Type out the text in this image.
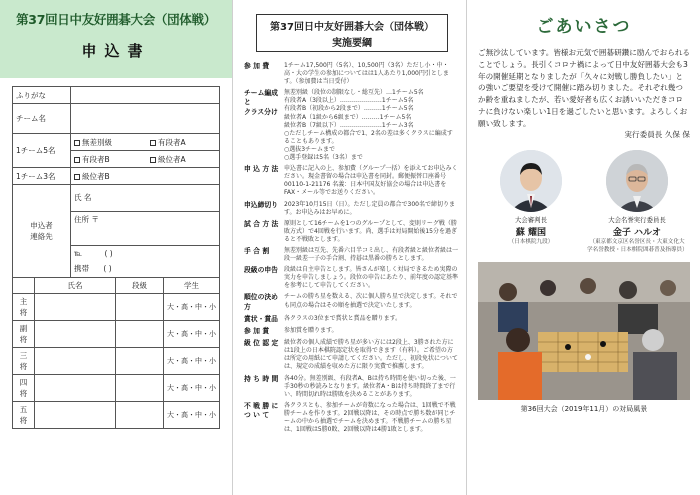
第37回日中友好囲碁大会（団体戦）
申込書
ふりがな		
チーム名		
1チーム5名	無差別級	有段者A
	有段者B	級位者A
1チーム3名	級位者B	
申込者
連絡先	氏 名
住所 〒
℡	( )
携帯 ( )
	氏名	段級	学生
主 将			大・高・中・小
副 将			大・高・中・小
三 将			大・高・中・小
四 将			大・高・中・小
五 将			大・高・中・小
第37回日中友好囲碁大会（団体戦）
実施要綱
参 加 費	1チーム17,500円（5名）、10,500円（3名）ただし小・中・高・大の学生の参加についてはは1人あたり1,000円引とします。（参加費は当日受付）
チーム編成と
クラス分け
無差別級（段位の制限なし・総互先）…1チーム5名
有段者A（3段以上）…………………1チーム5名
有段者B（初段から2段まで）………1チーム5名
級位者A（1級から6級まで）………1チーム5名
級位者B（7級以下）…………………1チーム3名
○ただしチーム構成の都合で1、2名の差は多くクラスに編成することもあります。
○選抜3チームまで
○選手登録は5名（3名）まで
申 込 方 法 申込書に記入の上、参加費（グループ一括）を添えてお申込みください。現金書留の場合は申込書を同封。郵便振替口座番号00110-1-21176 名義：日本中国友好協会の場合は申込書をFAX・メール等でお送りください。
申込締切り	2023年10月15日（日）。ただし定員の都合で300名で締切ります。お申込みはお早めに。
試 合 方 法 原則として16チームを1つのグループとして、変則リーグ戦（勝敗方式）で4回戦を行います。尚、選手は対局開始後15分を過ぎると不戦敗とします。
手 合 割	無差別級は互先、先番六目半コミ出し、有段者級と級位者級は一段一級差一子の手合割、持碁は黒番の勝ちとします。
段級の申告	段級は自主申告とします。皆さんが楽しく対局できるため実際の実力を申告しましょう。段位の申告にあたり、前年度の認定基準を参考にして申告してください。
順位の決め方
チームの勝ち星を数える、次に個人勝ち星で決定します。それでも同点の場合はその順を抽選で決定いたします。
賞状・賞品	各クラスの3位まで賞状と賞品を贈ります。
参 加 賞	参加賞を贈ります。
級 位 認 定 級位者の個人成績で勝ち星が多い方には2段上、3勝された方には1段上の日本棋院認定状を取得できます（有料）。ご希望の方は所定の用紙にて申請してください。ただし、初段免状については、規定の成績を収めた方に限り実費で推薦します。
持 ち 時 間 各40分。無差別級、有段者A、Bは持ち時間を使い切った後、一手30秒の秒読みとなります。級位者A・Bは持ち時間終了まで行い、時間切れ時は勝敗を決めることがあります。
不 戦 勝 に
つ い て
各クラスとも、参加チームが奇数になった場合は、1回戦で不戦勝チームを作ります。2回戦以降は、その時点で勝ち数が同じチームの中から抽選でチームを決めます。不戦勝チームの勝ち星は、1回戦は5勝0敗、2回戦以降は4勝1敗とします。
ごあいさつ
ご無沙汰しています。皆様お元気で囲碁研鑽に励んでおられることでしょう。長引くコロナ禍によって日中友好囲碁大会も3年の開催延期となりましたが「久々に対戦し勝負したい」との強いご要望を受けて開催に踏み切りました。それぞれ幾つか齢を重ねましたが、若い愛好者も広くお誘いいただきコロナに負けない楽しい1日を過ごしたいと思います。よろしくお願い致します。
実行委員長 久保 保
大会審判長
蘇 耀国
（日本棋院九段）
大会名誉実行委員長
金子 ハルオ
（東京都文京区名誉区長・大東文化大学名誉教授・日本棋院囲碁普及指導員）
第36回大会（2019年11月）の対局風景
